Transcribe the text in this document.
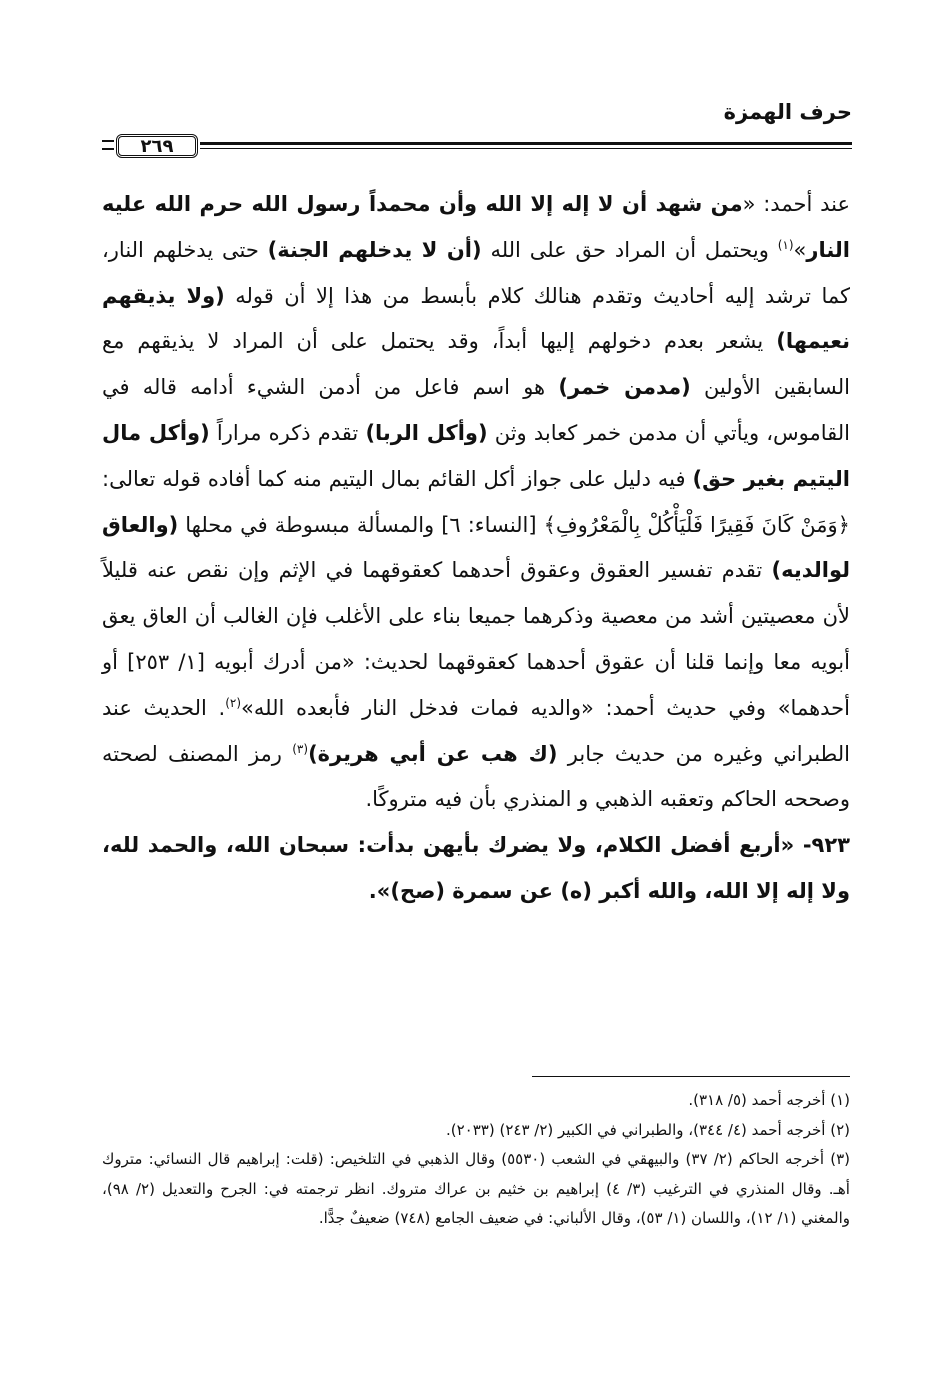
حرف الهمزة
٢٦٩

عند أحمد: «من شهد أن لا إله إلا الله وأن محمداً رسول الله حرم الله عليه النار»$^{(١)}$ ويحتمل أن المراد حق على الله (أن لا يدخلهم الجنة) حتى يدخلهم النار، كما ترشد إليه أحاديث وتقدم هنالك كلام بأبسط من هذا إلا أن قوله (ولا يذيقهم نعيمها) يشعر بعدم دخولهم إليها أبداً، وقد يحتمل على أن المراد لا يذيقهم مع السابقين الأولين (مدمن خمر) هو اسم فاعل من أدمن الشيء أدامه قاله في القاموس، ويأتي أن مدمن خمر كعابد وثن (وأكل الربا) تقدم ذكره مراراً (وأكل مال اليتيم بغير حق) فيه دليل على جواز أكل القائم بمال اليتيم منه كما أفاده قوله تعالى: ﴿وَمَنْ كَانَ فَقِيرًا فَلْيَأْكُلْ بِالْمَعْرُوفِ﴾ [النساء: ٦] والمسألة مبسوطة في محلها (والعاق لوالديه) تقدم تفسير العقوق وعقوق أحدهما كعقوقهما في الإثم وإن نقص عنه قليلاً لأن معصيتين أشد من معصية وذكرهما جميعا بناء على الأغلب فإن الغالب أن العاق يعق أبويه معا وإنما قلنا أن عقوق أحدهما كعقوقهما لحديث: «من أدرك أبويه [١/ ٢٥٣] أو أحدهما» وفي حديث أحمد: «والديه فمات فدخل النار فأبعده الله»$^{(٢)}$. الحديث عند الطبراني وغيره من حديث جابر (ك هب عن أبي هريرة)$^{(٣)}$ رمز المصنف لصحته وصححه الحاكم وتعقبه الذهبي و المنذري بأن فيه متروكًا.

٩٢٣- «أربع أفضل الكلام، ولا يضرك بأيهن بدأت: سبحان الله، والحمد لله، ولا إله إلا الله، والله أكبر (ه) عن سمرة (صح)».

(١) أخرجه أحمد (٥/ ٣١٨).

(٢) أخرجه أحمد (٤/ ٣٤٤)، والطبراني في الكبير (٢/ ٢٤٣) (٢٠٣٣).

(٣) أخرجه الحاكم (٢/ ٣٧) والبيهقي في الشعب (٥٥٣٠) وقال الذهبي في التلخيص: (قلت: إبراهيم قال النسائي: متروك أهـ. وقال المنذري في الترغيب (٣/ ٤) إبراهيم بن خثيم بن عراك متروك. انظر ترجمته في: الجرح والتعديل (٢/ ٩٨)، والمغني (١/ ١٢)، واللسان (١/ ٥٣)، وقال الألباني: في ضعيف الجامع (٧٤٨) ضعيفٌ جدًّا.
